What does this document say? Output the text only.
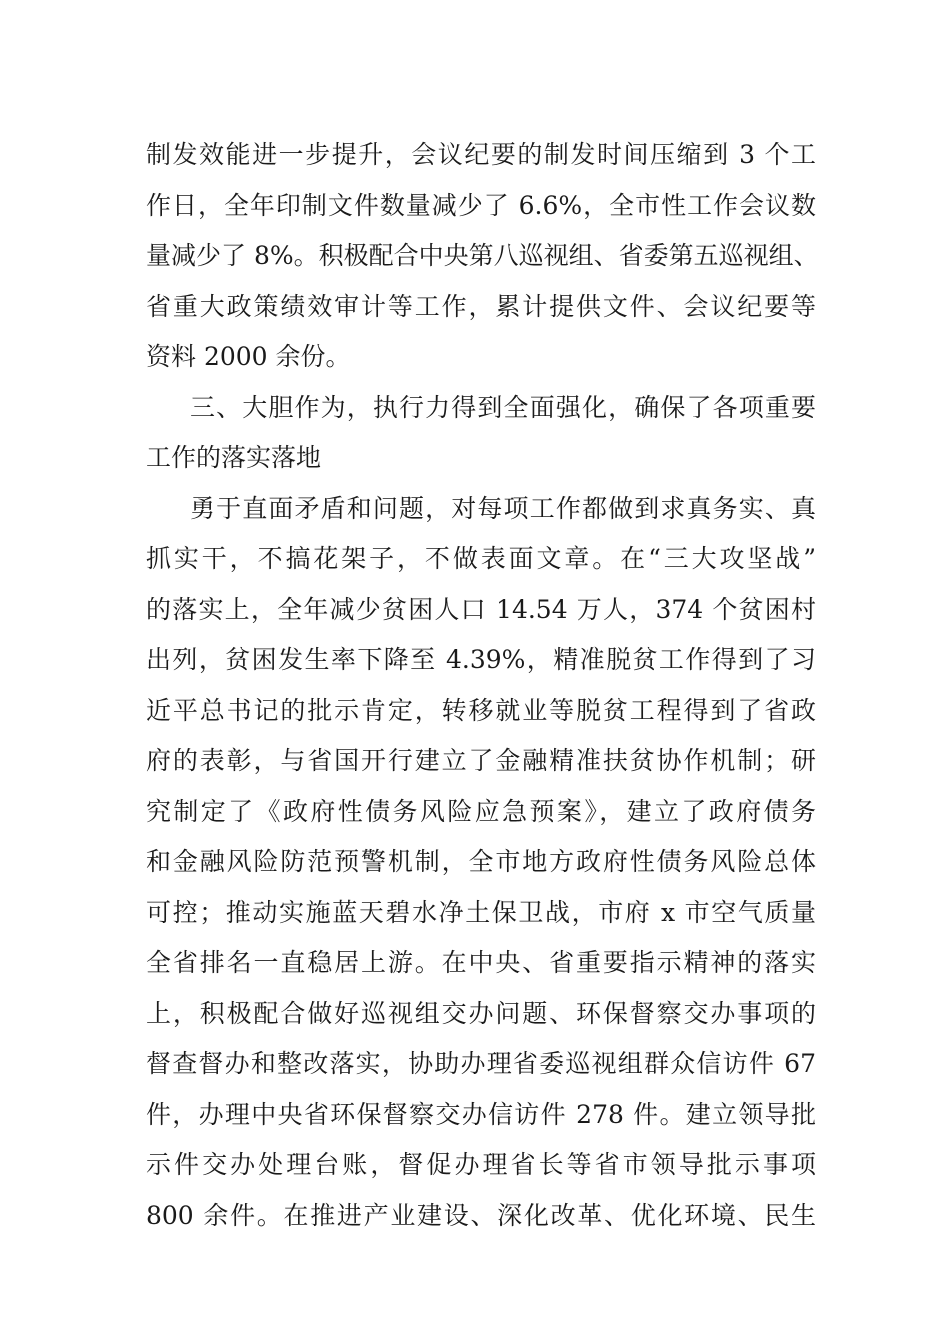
制发效能进一步提升，会议纪要的制发时间压缩到 3 个工
作日，全年印制文件数量减少了 6.6%，全市性工作会议数
量减少了 8%。积极配合中央第八巡视组、省委第五巡视组、
省重大政策绩效审计等工作，累计提供文件、会议纪要等
资料 2000 余份。
三、大胆作为，执行力得到全面强化，确保了各项重要
工作的落实落地
勇于直面矛盾和问题，对每项工作都做到求真务实、真
抓实干，不搞花架子，不做表面文章。在“三大攻坚战”
的落实上，全年减少贫困人口 14.54 万人，374 个贫困村
出列，贫困发生率下降至 4.39%，精准脱贫工作得到了习
近平总书记的批示肯定，转移就业等脱贫工程得到了省政
府的表彰，与省国开行建立了金融精准扶贫协作机制；研
究制定了《政府性债务风险应急预案》，建立了政府债务
和金融风险防范预警机制，全市地方政府性债务风险总体
可控；推动实施蓝天碧水净土保卫战，市府 x 市空气质量
全省排名一直稳居上游。在中央、省重要指示精神的落实
上，积极配合做好巡视组交办问题、环保督察交办事项的
督查督办和整改落实，协助办理省委巡视组群众信访件 67
件，办理中央省环保督察交办信访件 278 件。建立领导批
示件交办处理台账，督促办理省长等省市领导批示事项
800 余件。在推进产业建设、深化改革、优化环境、民生
